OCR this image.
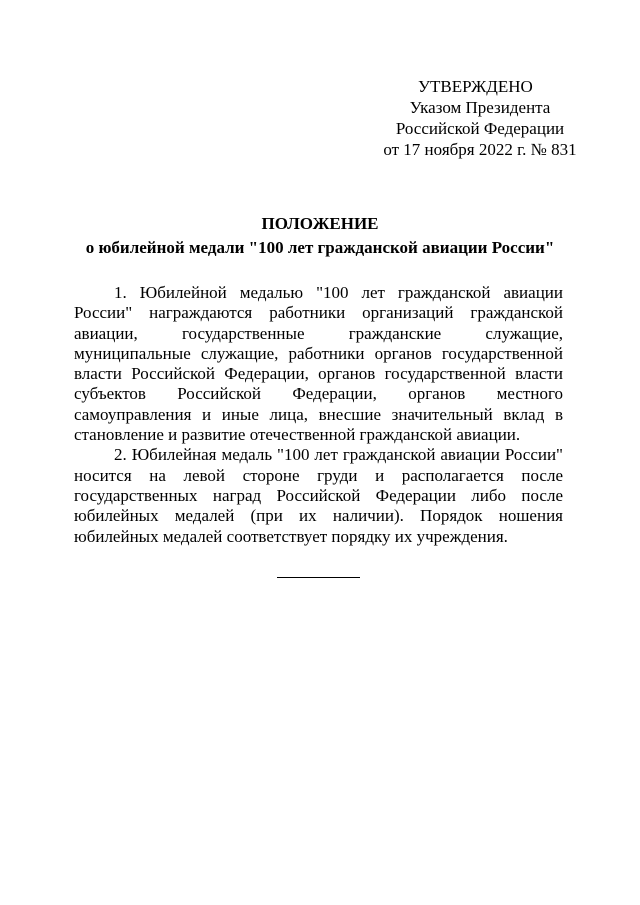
УТВЕРЖДЕНО
Указом Президента
Российской Федерации
от 17 ноября 2022 г. № 831
ПОЛОЖЕНИЕ
о юбилейной медали "100 лет гражданской авиации России"

1. Юбилейной медалью "100 лет гражданской авиации России" награждаются работники организаций гражданской авиации, государственные гражданские служащие, муниципальные служащие, работники органов государственной власти Российской Федерации, органов государственной власти субъектов Российской Федерации, органов местного самоуправления и иные лица, внесшие значительный вклад в становление и развитие отечественной гражданской авиации.

2. Юбилейная медаль "100 лет гражданской авиации России" носится на левой стороне груди и располагается после государственных наград Российской Федерации либо после юбилейных медалей (при их наличии). Порядок ношения юбилейных медалей соответствует порядку их учреждения.
